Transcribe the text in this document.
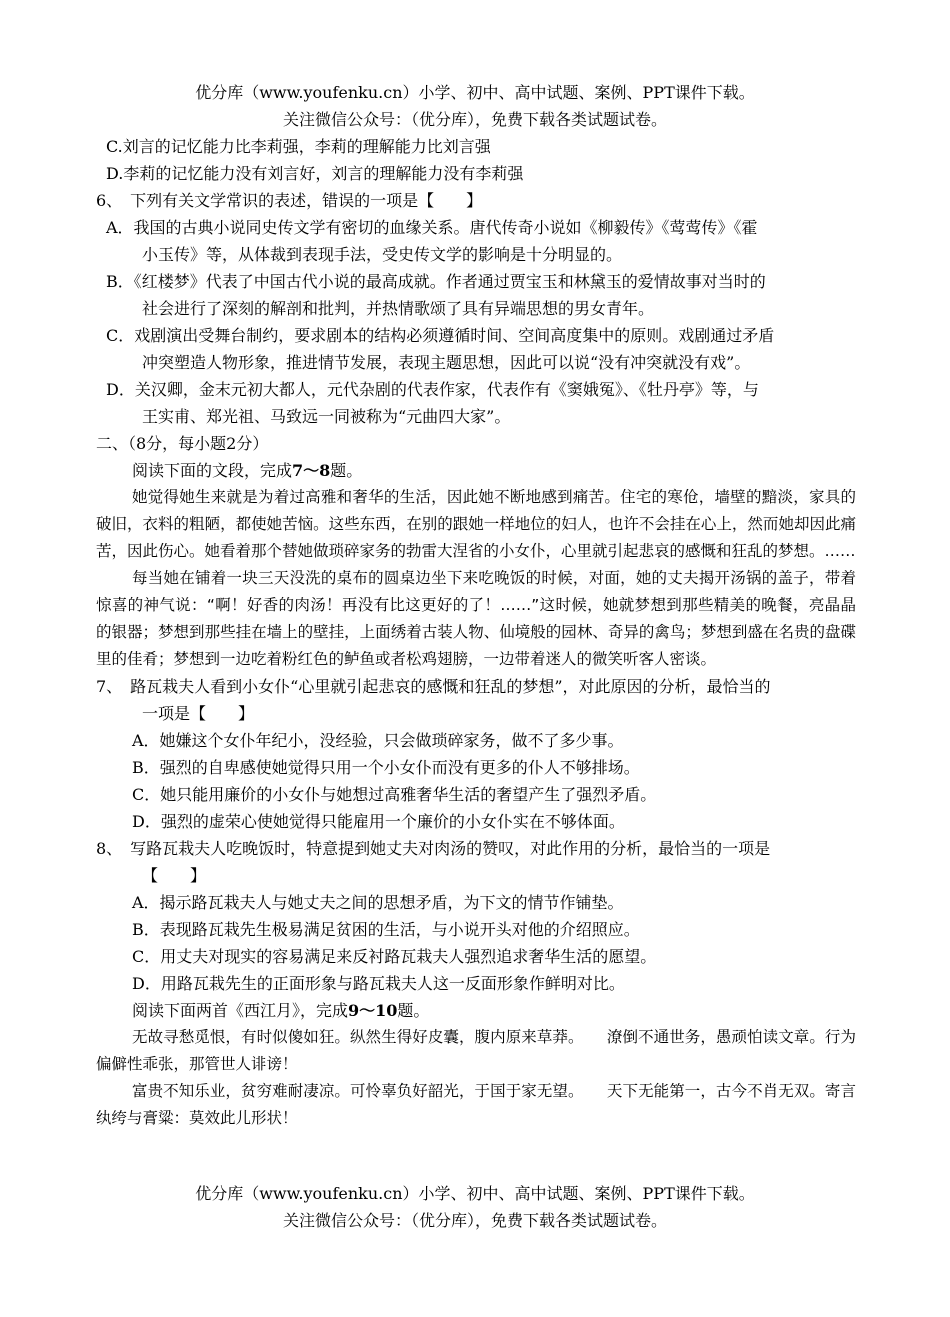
优分库（www.youfenku.cn）小学、初中、高中试题、案例、PPT课件下载。
关注微信公众号：（优分库），免费下载各类试题试卷。
C.刘言的记忆能力比李莉强，李莉的理解能力比刘言强
D.李莉的记忆能力没有刘言好，刘言的理解能力没有李莉强
6、　下列有关文学常识的表述，错误的一项是【　　】
A．我国的古典小说同史传文学有密切的血缘关系。唐代传奇小说如《柳毅传》《莺莺传》《霍
小玉传》等，从体裁到表现手法，受史传文学的影响是十分明显的。
B．《红楼梦》代表了中国古代小说的最高成就。作者通过贾宝玉和林黛玉的爱情故事对当时的
社会进行了深刻的解剖和批判，并热情歌颂了具有异端思想的男女青年。
C．戏剧演出受舞台制约，要求剧本的结构必须遵循时间、空间高度集中的原则。戏剧通过矛盾
冲突塑造人物形象，推进情节发展，表现主题思想，因此可以说“没有冲突就没有戏”。
D．关汉卿，金末元初大都人，元代杂剧的代表作家，代表作有《窦娥冤》、《牡丹亭》等，与
王实甫、郑光祖、马致远一同被称为“元曲四大家”。
二、（8分，每小题2分）
阅读下面的文段，完成7～8题。
她觉得她生来就是为着过高雅和奢华的生活，因此她不断地感到痛苦。住宅的寒伧，墙壁的黯淡，家具的破旧，衣料的粗陋，都使她苦恼。这些东西，在别的跟她一样地位的妇人，也许不会挂在心上，然而她却因此痛苦，因此伤心。她看着那个替她做琐碎家务的勃雷大涅省的小女仆，心里就引起悲哀的感慨和狂乱的梦想。……
每当她在铺着一块三天没洗的桌布的圆桌边坐下来吃晚饭的时候，对面，她的丈夫揭开汤锅的盖子，带着惊喜的神气说：“啊！好香的肉汤！再没有比这更好的了！……”这时候，她就梦想到那些精美的晚餐，亮晶晶的银器；梦想到那些挂在墙上的壁挂，上面绣着古装人物、仙境般的园林、奇异的禽鸟；梦想到盛在名贵的盘碟里的佳肴；梦想到一边吃着粉红色的鲈鱼或者松鸡翅膀，一边带着迷人的微笑听客人密谈。
7、　路瓦栽夫人看到小女仆“心里就引起悲哀的感慨和狂乱的梦想”，对此原因的分析，最恰当的
一项是【　　】
A．她嫌这个女仆年纪小，没经验，只会做琐碎家务，做不了多少事。
B．强烈的自卑感使她觉得只用一个小女仆而没有更多的仆人不够排场。
C．她只能用廉价的小女仆与她想过高雅奢华生活的奢望产生了强烈矛盾。
D．强烈的虚荣心使她觉得只能雇用一个廉价的小女仆实在不够体面。
8、　写路瓦栽夫人吃晚饭时，特意提到她丈夫对肉汤的赞叹，对此作用的分析，最恰当的一项是
【　　】
A．揭示路瓦栽夫人与她丈夫之间的思想矛盾，为下文的情节作铺垫。
B．表现路瓦栽先生极易满足贫困的生活，与小说开头对他的介绍照应。
C．用丈夫对现实的容易满足来反衬路瓦栽夫人强烈追求奢华生活的愿望。
D．用路瓦栽先生的正面形象与路瓦栽夫人这一反面形象作鲜明对比。
阅读下面两首《西江月》，完成9～10题。
无故寻愁觅恨，有时似傻如狂。纵然生得好皮囊，腹内原来草莽。　　潦倒不通世务，愚顽怕读文章。行为偏僻性乖张，那管世人诽谤！
富贵不知乐业，贫穷难耐凄凉。可怜辜负好韶光，于国于家无望。　　天下无能第一，古今不肖无双。寄言纨绔与膏粱：莫效此儿形状！
优分库（www.youfenku.cn）小学、初中、高中试题、案例、PPT课件下载。
关注微信公众号：（优分库），免费下载各类试题试卷。
